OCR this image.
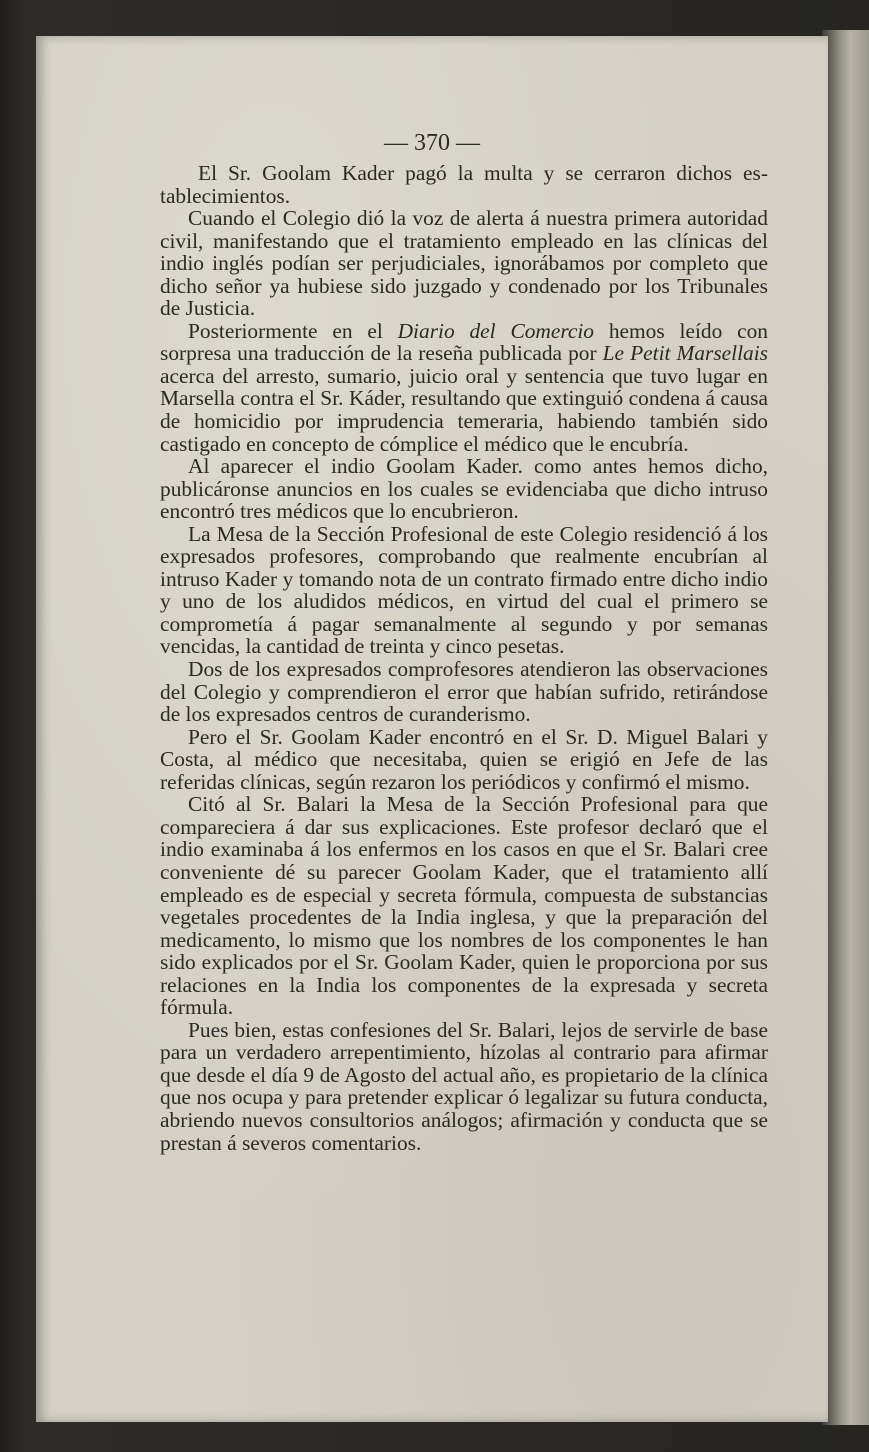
— 370 —

El Sr. Goolam Kader pagó la multa y se cerraron dichos establecimientos.

Cuando el Colegio dió la voz de alerta á nuestra primera autoridad civil, manifestando que el tratamiento empleado en las clínicas del indio inglés podían ser perjudiciales, ignorábamos por completo que dicho señor ya hubiese sido juzgado y condenado por los Tribunales de Justicia.

Posteriormente en el Diario del Comercio hemos leído con sorpresa una traducción de la reseña publicada por Le Petit Marsellais acerca del arresto, sumario, juicio oral y sentencia que tuvo lugar en Marsella contra el Sr. Káder, resultando que extinguió condena á causa de homicidio por imprudencia temeraria, habiendo también sido castigado en concepto de cómplice el médico que le encubría.

Al aparecer el indio Goolam Kader. como antes hemos dicho, publicáronse anuncios en los cuales se evidenciaba que dicho intruso encontró tres médicos que lo encubrieron.

La Mesa de la Sección Profesional de este Colegio residenció á los expresados profesores, comprobando que realmente encubrían al intruso Kader y tomando nota de un contrato firmado entre dicho indio y uno de los aludidos médicos, en virtud del cual el primero se comprometía á pagar semanalmente al segundo y por semanas vencidas, la cantidad de treinta y cinco pesetas.

Dos de los expresados comprofesores atendieron las observaciones del Colegio y comprendieron el error que habían sufrido, retirándose de los expresados centros de curanderismo.

Pero el Sr. Goolam Kader encontró en el Sr. D. Miguel Balari y Costa, al médico que necesitaba, quien se erigió en Jefe de las referidas clínicas, según rezaron los periódicos y confirmó el mismo.

Citó al Sr. Balari la Mesa de la Sección Profesional para que compareciera á dar sus explicaciones. Este profesor declaró que el indio examinaba á los enfermos en los casos en que el Sr. Balari cree conveniente dé su parecer Goolam Kader, que el tratamiento allí empleado es de especial y secreta fórmula, compuesta de substancias vegetales procedentes de la India inglesa, y que la preparación del medicamento, lo mismo que los nombres de los componentes le han sido explicados por el Sr. Goolam Kader, quien le proporciona por sus relaciones en la India los componentes de la expresada y secreta fórmula.

Pues bien, estas confesiones del Sr. Balari, lejos de servirle de base para un verdadero arrepentimiento, hízolas al contrario para afirmar que desde el día 9 de Agosto del actual año, es propietario de la clínica que nos ocupa y para pretender explicar ó legalizar su futura conducta, abriendo nuevos consultorios análogos; afirmación y conducta que se prestan á severos comentarios.
